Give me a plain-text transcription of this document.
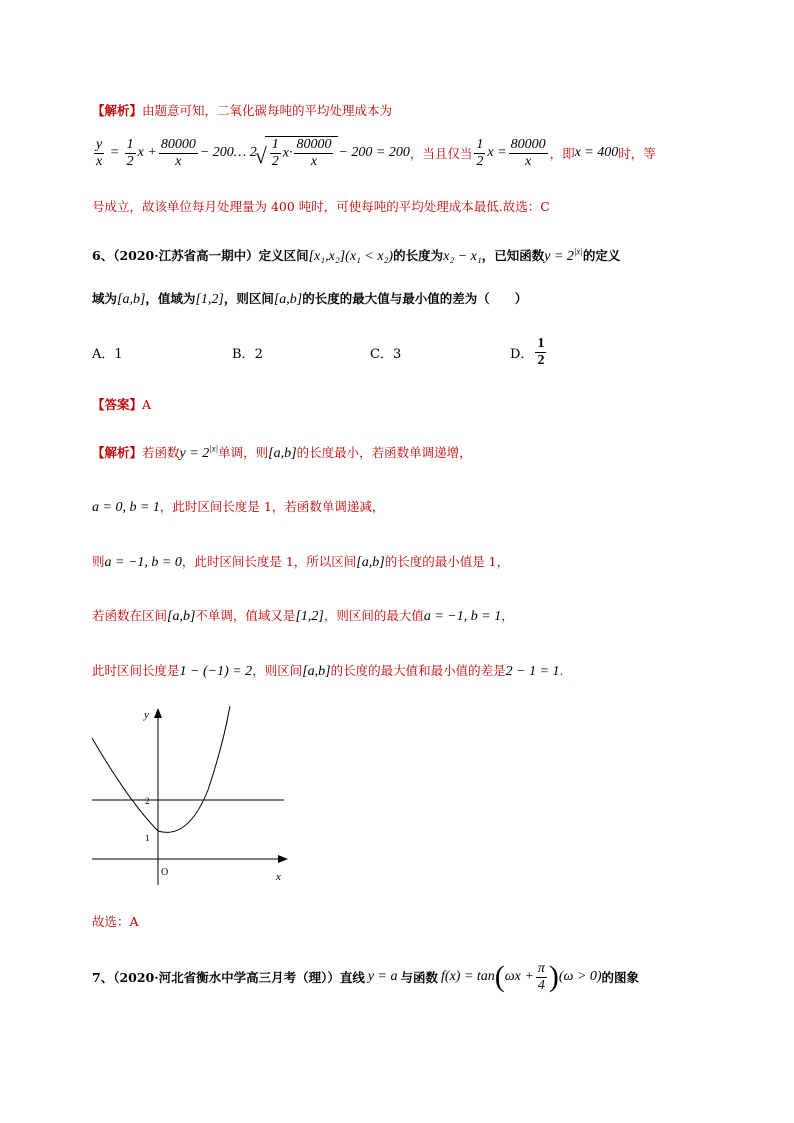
【解析】由题意可知，二氧化碳每吨的平均处理成本为
$\frac{y}{x} = \frac{1}{2}$ $x + \frac{80000}{x}$ − 200… 2
√ $\frac{1}{2} x\cdot \frac{80000}{x} - 200 = 200$ ，当且仅当 $\frac{1}{2}$ $x = \frac{80000}{x}$ ，即 x = 400 时，等
号成立，故该单位每月处理量为 400 吨时，可使每吨的平均处理成本最低.故选：C
6、（2020·江苏省高一期中）定义区间[x₁,x₂](x₁ < x₂)的长度为x₂ − x₁，已知函数$y = 2^{|x|}$的定义
域为[a,b]，值域为[1,2]，则区间[a,b]的长度的最大值与最小值的差为（　　）
A．1	B．2	C．3	D． $\frac{1}{2}$
【答案】A
【解析】若函数$y = 2^{|x|}$单调，则[a,b]的长度最小，若函数单调递增，
a = 0, b = 1，此时区间长度是 1，若函数单调递减，
则a = −1, b = 0，此时区间长度是 1，所以区间[a,b]的长度的最小值是 1，
若函数在区间[a,b]不单调，值域又是[1,2]，则区间的最大值a = −1, b = 1，
此时区间长度是1 − (−1) = 2，则区间[a,b]的长度的最大值和最小值的差是2 − 1 = 1.
y
x
O
2
1
故选：A
7、（2020·河北省衡水中学高三月考（理））直线 y = a 与函数 f(x) = tan ( $\omega x + \frac{\pi}{4}$ ) (ω > 0) 的图象
